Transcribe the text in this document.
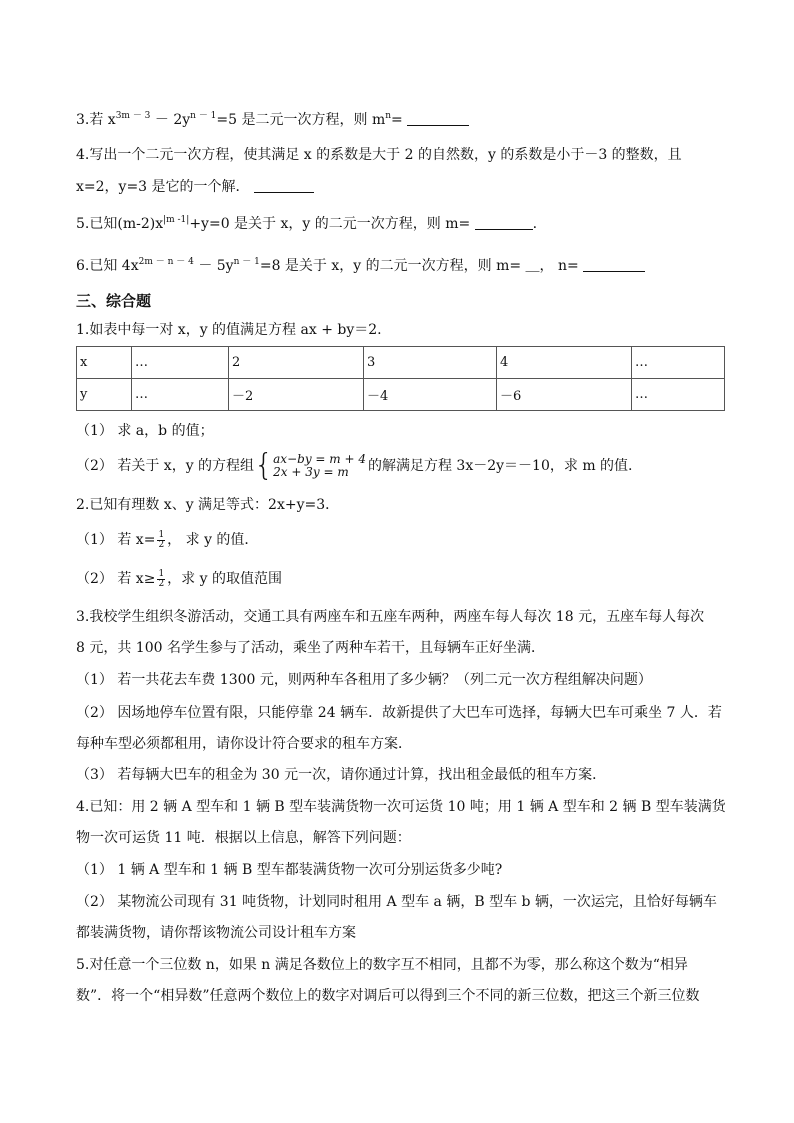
3.若 $x^{3m - 3} - 2y^{n - 1}=5$ 是二元一次方程，则 $m^n=$
4.写出一个二元一次方程，使其满足 x 的系数是大于 2 的自然数，y 的系数是小于－3 的整数，且
x=2，y=3 是它的一个解．
5.已知$(m-2)x^{|m -1|}+y=0$ 是关于 x，y 的二元一次方程，则 m=	.
6.已知 $4x^{2m - n - 4} - 5y^{n - 1}=8$ 是关于 x，y 的二元一次方程，则 m= ＿， n=
三、综合题
1.如表中每一对 x，y 的值满足方程 ax + by＝2.
x	…	2	3	4	…
y	…	－2	－4	－6	…
（1） 求 a，b 的值；
（2） 若关于 x，y 的方程组{ ax−by = m + 4
2x + 3y = m	的解满足方程 3x－2y＝－10，求 m 的值.
2.已知有理数 x、y 满足等式：2x+y=3．
（1） 若 $x= \frac{1}{2}$ ， 求 y 的值．
（2） 若 $x\ge \frac{1}{2}$ ，求 y 的取值范围
3.我校学生组织冬游活动，交通工具有两座车和五座车两种，两座车每人每次 18 元，五座车每人每次
8 元，共 100 名学生参与了活动，乘坐了两种车若干，且每辆车正好坐满．
（1） 若一共花去车费 1300 元，则两种车各租用了多少辆？（列二元一次方程组解决问题）
（2） 因场地停车位置有限，只能停靠 24 辆车．故新提供了大巴车可选择，每辆大巴车可乘坐 7 人．若
每种车型必须都租用，请你设计符合要求的租车方案．
（3） 若每辆大巴车的租金为 30 元一次，请你通过计算，找出租金最低的租车方案．
4.已知：用 2 辆 A 型车和 1 辆 B 型车装满货物一次可运货 10 吨；用 1 辆 A 型车和 2 辆 B 型车装满货
物一次可运货 11 吨．根据以上信息，解答下列问题：
（1） 1 辆 A 型车和 1 辆 B 型车都装满货物一次可分别运货多少吨?
（2） 某物流公司现有 31 吨货物，计划同时租用 A 型车 a 辆，B 型车 b 辆，一次运完，且恰好每辆车
都装满货物，请你帮该物流公司设计租车方案
5.对任意一个三位数 n，如果 n 满足各数位上的数字互不相同，且都不为零，那么称这个数为“相异
数”．将一个“相异数”任意两个数位上的数字对调后可以得到三个不同的新三位数，把这三个新三位数
